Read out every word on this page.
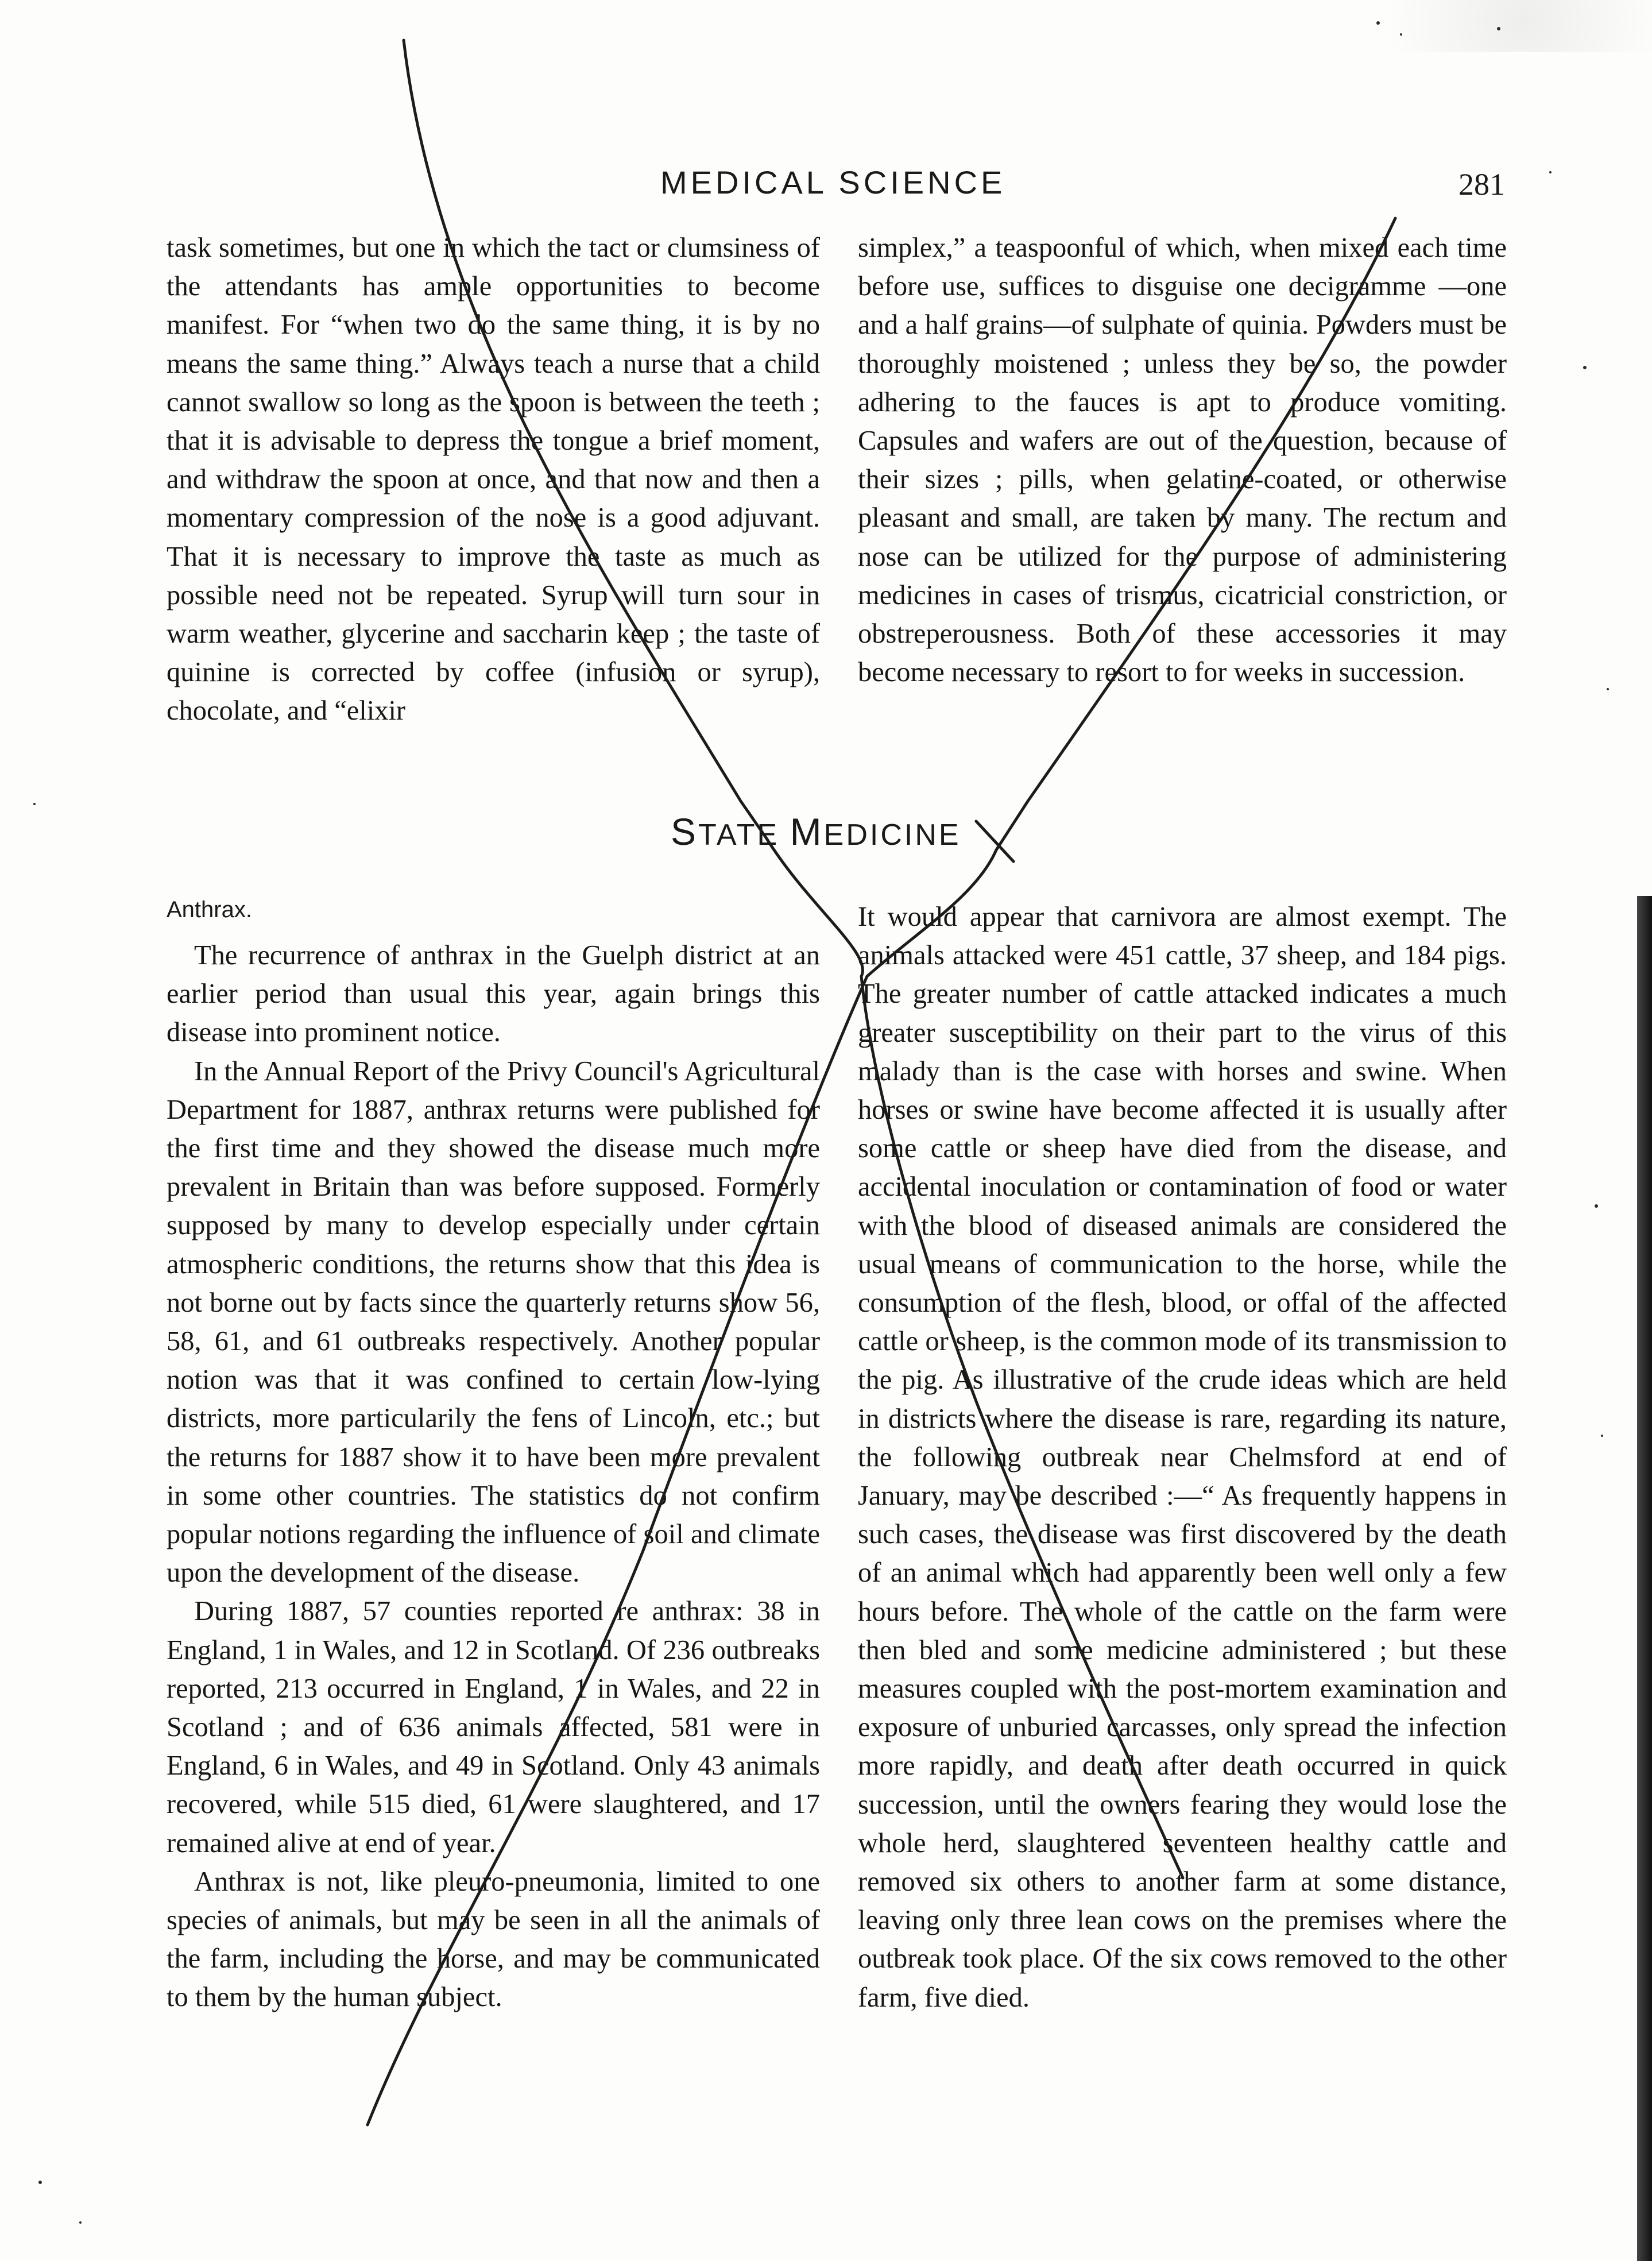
MEDICAL SCIENCE	281

task sometimes, but one in which the tact or clumsiness of the attendants has ample opportunities to become manifest. For “when two do the same thing, it is by no means the same thing.” Always teach a nurse that a child cannot swallow so long as the spoon is between the teeth ; that it is advisable to depress the tongue a brief moment, and withdraw the spoon at once, and that now and then a momentary compression of the nose is a good adjuvant. That it is necessary to improve the taste as much as possible need not be repeated. Syrup will turn sour in warm weather, glycerine and saccharin keep ; the taste of quinine is corrected by coffee (infusion or syrup), chocolate, and “elixir

simplex,” a teaspoonful of which, when mixed each time before use, suffices to disguise one decigramme —one and a half grains—of sulphate of quinia. Powders must be thoroughly moistened ; unless they be so, the powder adhering to the fauces is apt to produce vomiting. Capsules and wafers are out of the question, because of their sizes ; pills, when gelatine-coated, or otherwise pleasant and small, are taken by many. The rectum and nose can be utilized for the purpose of administering medicines in cases of trismus, cicatricial constriction, or obstreperousness. Both of these accessories it may become necessary to resort to for weeks in succession.

STATE MEDICINE
Anthrax.

The recurrence of anthrax in the Guelph district at an earlier period than usual this year, again brings this disease into prominent notice.

In the Annual Report of the Privy Council's Agricultural Department for 1887, anthrax returns were published for the first time and they showed the disease much more prevalent in Britain than was before supposed. Formerly supposed by many to develop especially under certain atmospheric conditions, the returns show that this idea is not borne out by facts since the quarterly returns show 56, 58, 61, and 61 outbreaks respectively. Another popular notion was that it was confined to certain low-lying districts, more particularily the fens of Lincoln, etc.; but the returns for 1887 show it to have been more prevalent in some other countries. The statistics do not confirm popular notions regarding the influence of soil and climate upon the development of the disease.

During 1887, 57 counties reported re anthrax: 38 in England, 1 in Wales, and 12 in Scotland. Of 236 outbreaks reported, 213 occurred in England, 1 in Wales, and 22 in Scotland ; and of 636 animals affected, 581 were in England, 6 in Wales, and 49 in Scotland. Only 43 animals recovered, while 515 died, 61 were slaughtered, and 17 remained alive at end of year.

Anthrax is not, like pleuro-pneumonia, limited to one species of animals, but may be seen in all the animals of the farm, including the horse, and may be communicated to them by the human subject.

It would appear that carnivora are almost exempt. The animals attacked were 451 cattle, 37 sheep, and 184 pigs. The greater number of cattle attacked indicates a much greater susceptibility on their part to the virus of this malady than is the case with horses and swine. When horses or swine have become affected it is usually after some cattle or sheep have died from the disease, and accidental inoculation or contamination of food or water with the blood of diseased animals are considered the usual means of communication to the horse, while the consumption of the flesh, blood, or offal of the affected cattle or sheep, is the common mode of its transmission to the pig. As illustrative of the crude ideas which are held in districts where the disease is rare, regarding its nature, the following outbreak near Chelmsford at end of January, may be described :—“ As frequently happens in such cases, the disease was first discovered by the death of an animal which had apparently been well only a few hours before. The whole of the cattle on the farm were then bled and some medicine administered ; but these measures coupled with the post-mortem examination and exposure of unburied carcasses, only spread the infection more rapidly, and death after death occurred in quick succession, until the owners fearing they would lose the whole herd, slaughtered seventeen healthy cattle and removed six others to another farm at some distance, leaving only three lean cows on the premises where the outbreak took place. Of the six cows removed to the other farm, five died.
